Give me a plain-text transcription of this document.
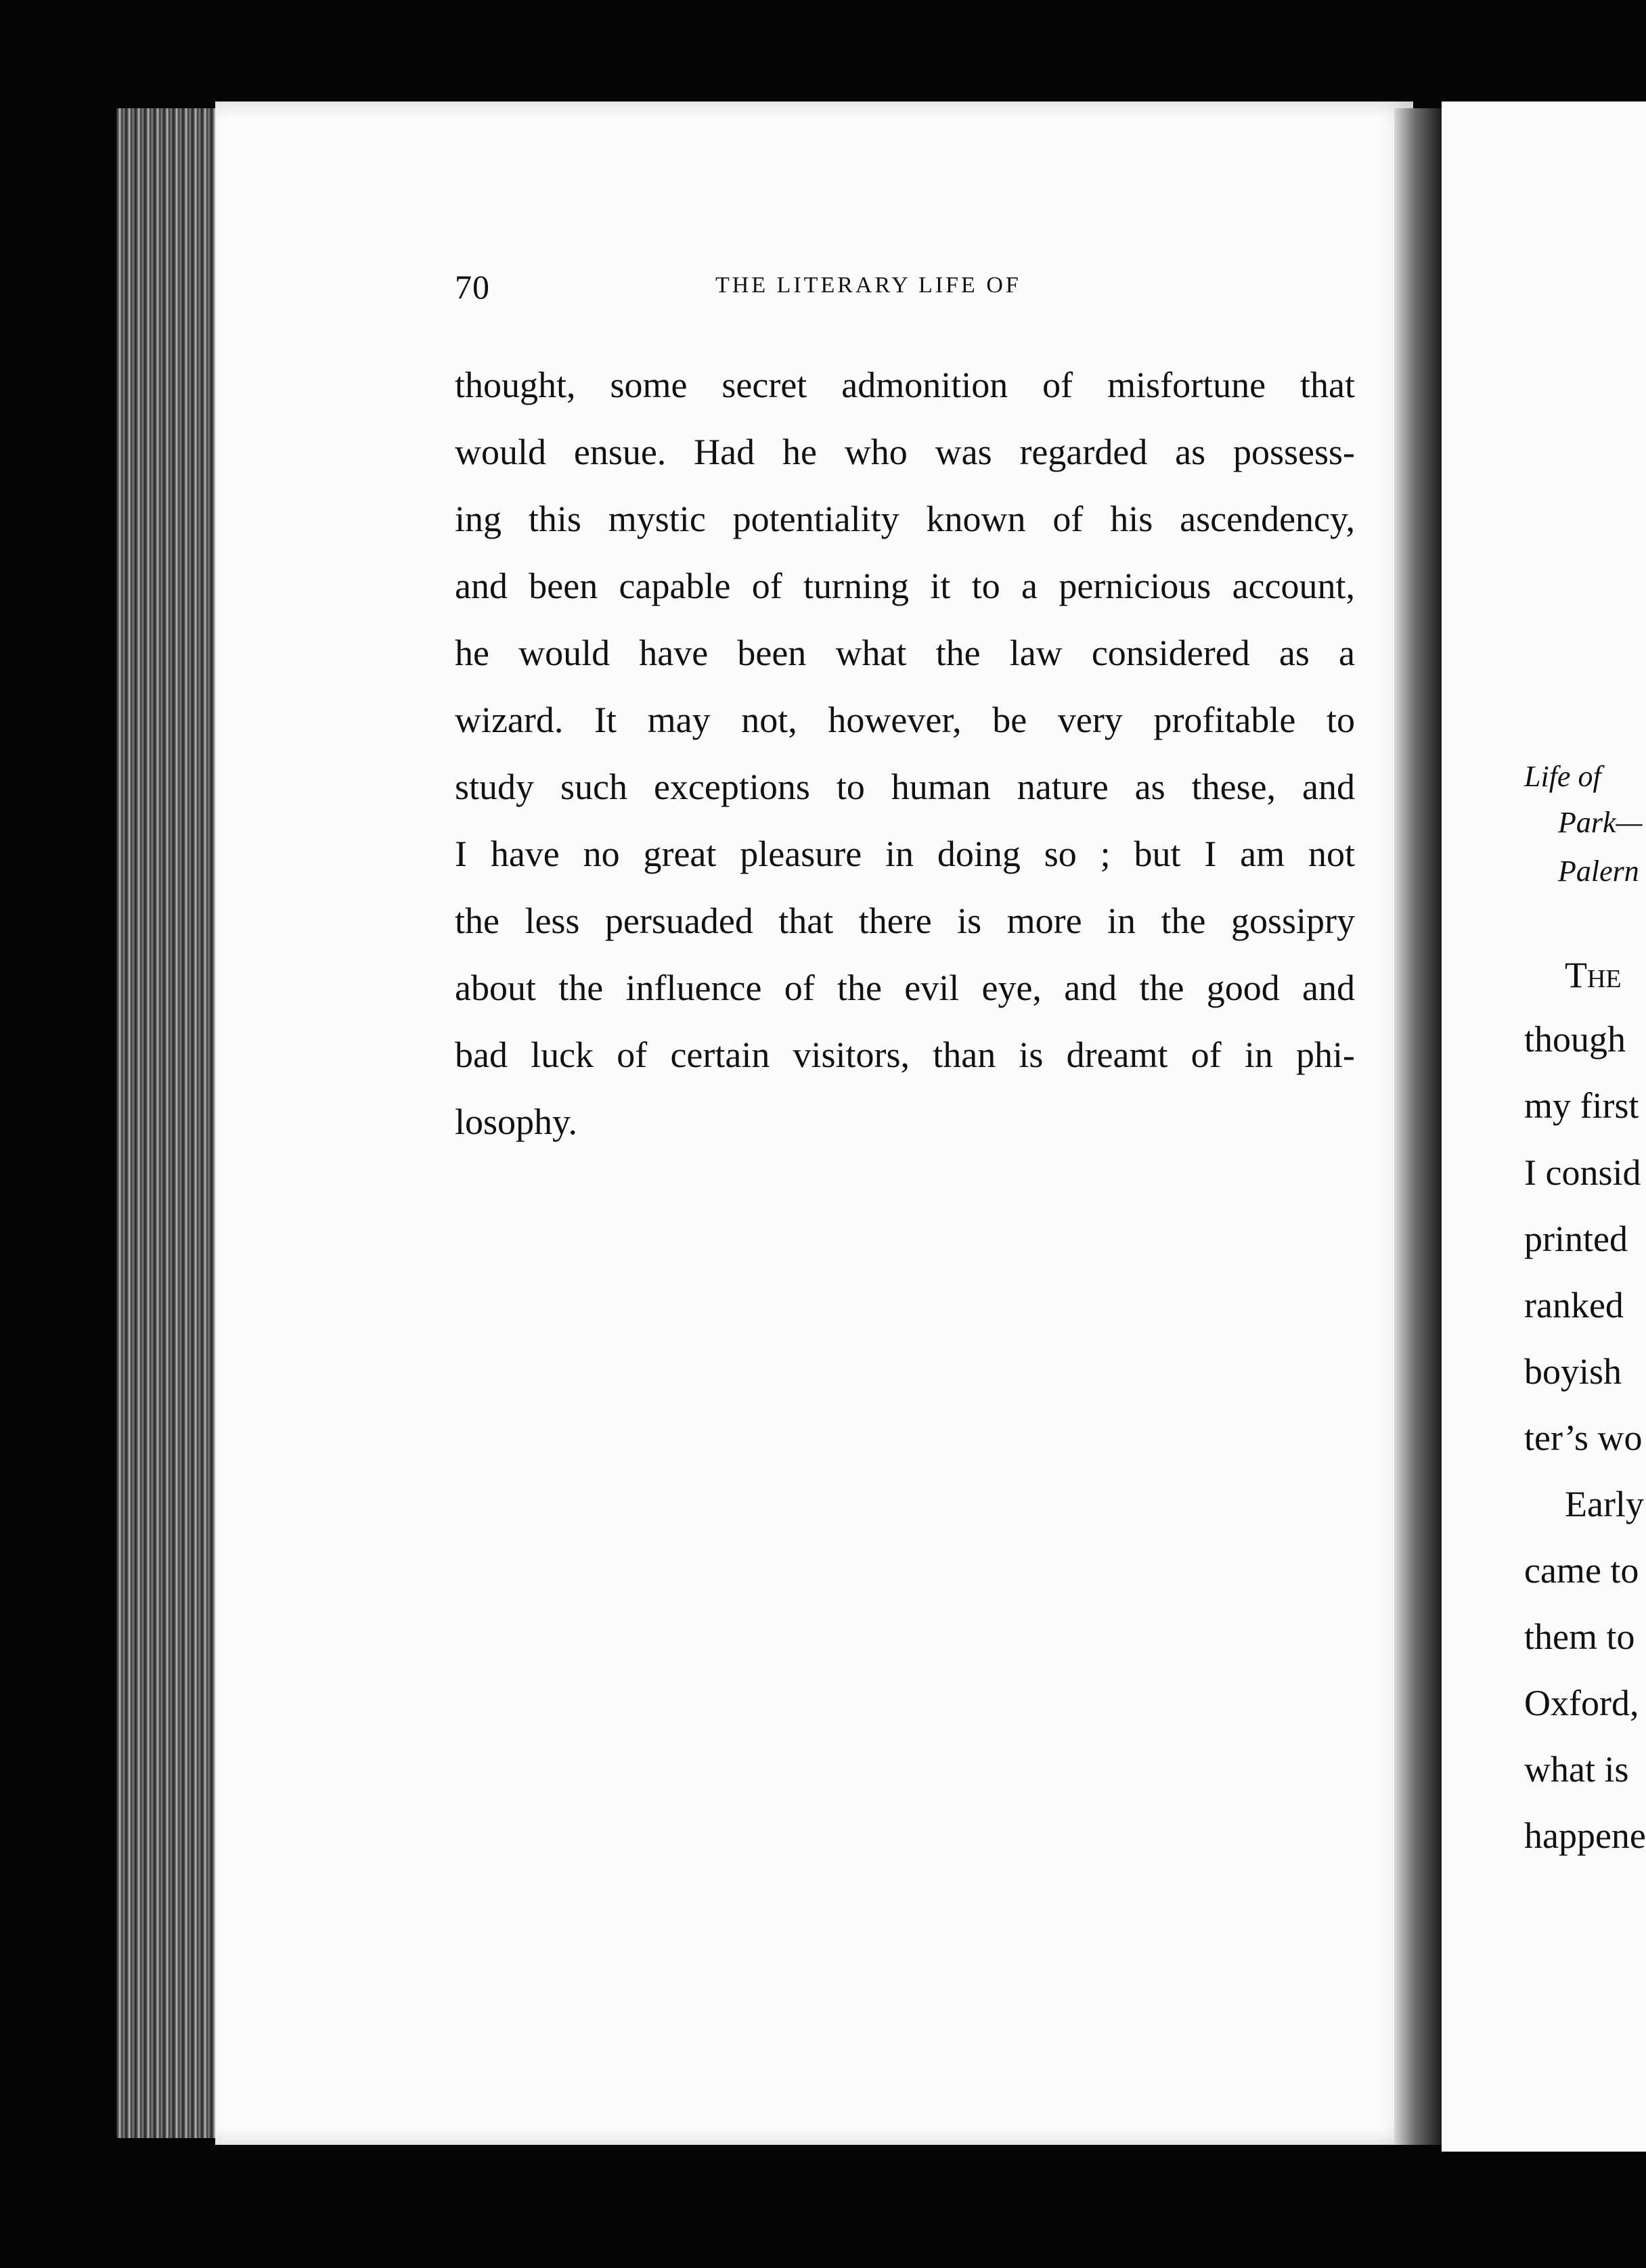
70	THE LITERARY LIFE OF
thought, some secret admonition of misfortune that
would ensue. Had he who was regarded as possess-
ing this mystic potentiality known of his ascendency,
and been capable of turning it to a pernicious account,
he would have been what the law considered as a
wizard. It may not, however, be very profitable to
study such exceptions to human nature as these, and
I have no great pleasure in doing so ; but I am not
the less persuaded that there is more in the gossipry
about the influence of the evil eye, and the good and
bad luck of certain visitors, than is dreamt of in phi-
losophy.
Life of
Park—
Palern
The
though
my first
I consid
printed
ranked
boyish
ter’s wo
Early
came to
them to
Oxford,
what is
happene
